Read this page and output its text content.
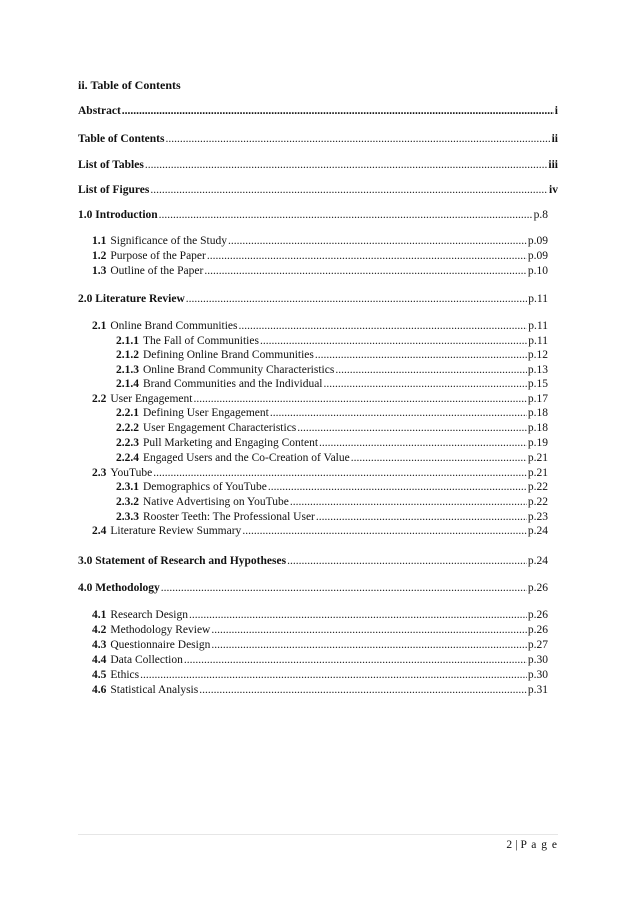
ii. Table of Contents
Abstract .....	i
Table of Contents .....	ii
List of Tables .....	iii
List of Figures .....	iv
1.0 Introduction .....	p.8
1.1 Significance of the Study .....	p.09
1.2 Purpose of the Paper .....	p.09
1.3 Outline of the Paper .....	p.10
2.0 Literature Review .....	p.11
2.1 Online Brand Communities .....	p.11
2.1.1 The Fall of Communities .....	p.11
2.1.2 Defining Online Brand Communities .....	p.12
2.1.3 Online Brand Community Characteristics .....	p.13
2.1.4 Brand Communities and the Individual .....	p.15
2.2 User Engagement .....	p.17
2.2.1 Defining User Engagement .....	p.18
2.2.2 User Engagement Characteristics .....	p.18
2.2.3 Pull Marketing and Engaging Content .....	p.19
2.2.4 Engaged Users and the Co-Creation of Value .....	p.21
2.3 YouTube .....	p.21
2.3.1 Demographics of YouTube .....	p.22
2.3.2 Native Advertising on YouTube .....	p.22
2.3.3 Rooster Teeth: The Professional User .....	p.23
2.4 Literature Review Summary .....	p.24
3.0 Statement of Research and Hypotheses .....	p.24
4.0 Methodology .....	p.26
4.1 Research Design .....	p.26
4.2 Methodology Review .....	p.26
4.3 Questionnaire Design .....	p.27
4.4 Data Collection .....	p.30
4.5 Ethics .....	p.30
4.6 Statistical Analysis .....	p.31
2 | P a g e
